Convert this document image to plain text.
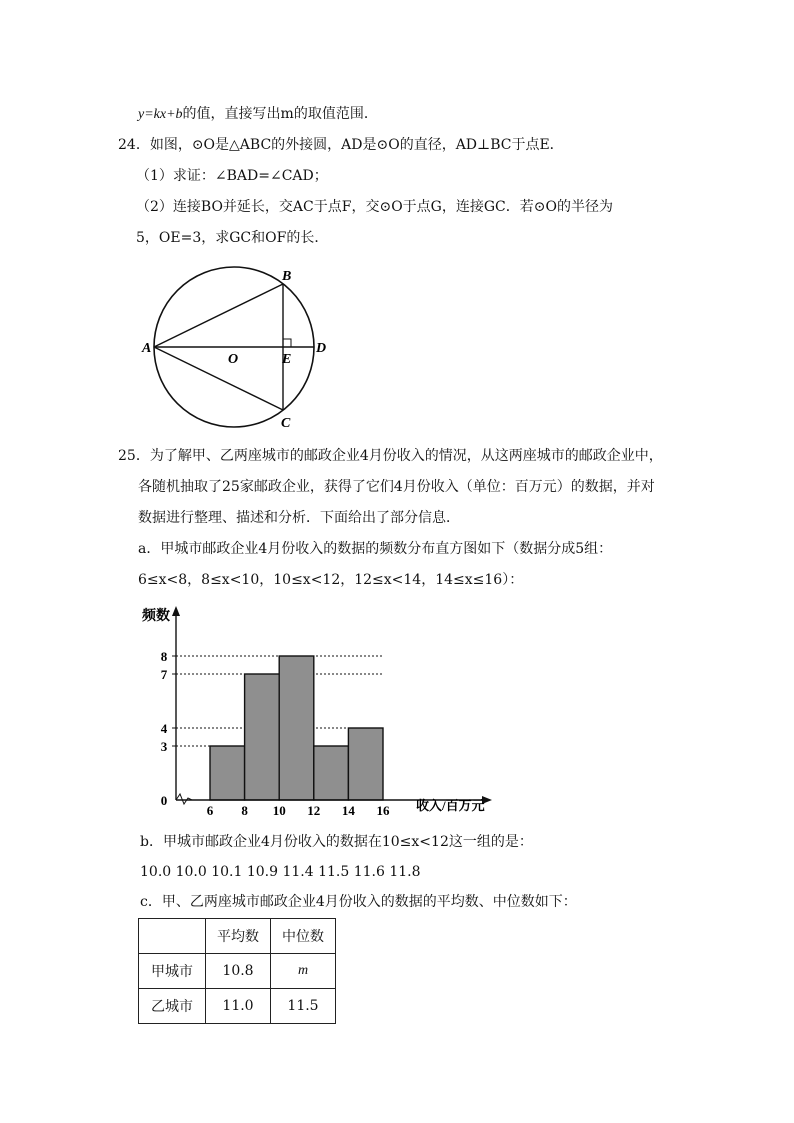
y=kx+b的值，直接写出m的取值范围．
24．如图，⊙O是△ABC的外接圆，AD是⊙O的直径，AD⊥BC于点E．
（1）求证：∠BAD=∠CAD；
（2）连接BO并延长，交AC于点F，交⊙O于点G，连接GC．若⊙O的半径为
5，OE=3，求GC和OF的长．
A
B
C
D
E
O
25．为了解甲、乙两座城市的邮政企业4月份收入的情况，从这两座城市的邮政企业中，
各随机抽取了25家邮政企业，获得了它们4月份收入（单位：百万元）的数据，并对
数据进行整理、描述和分析．下面给出了部分信息．
a．甲城市邮政企业4月份收入的数据的频数分布直方图如下（数据分成5组：
6≤x<8，8≤x<10，10≤x<12，12≤x<14，14≤x≤16）：
0
3
4
7
8
6 8 10 12 14 16
频数
收入/百万元
b．甲城市邮政企业4月份收入的数据在10≤x<12这一组的是：
10.0 10.0 10.1 10.9 11.4 11.5 11.6 11.8
c．甲、乙两座城市邮政企业4月份收入的数据的平均数、中位数如下：
	平均数	中位数
甲城市	10.8	m
乙城市	11.0	11.5
